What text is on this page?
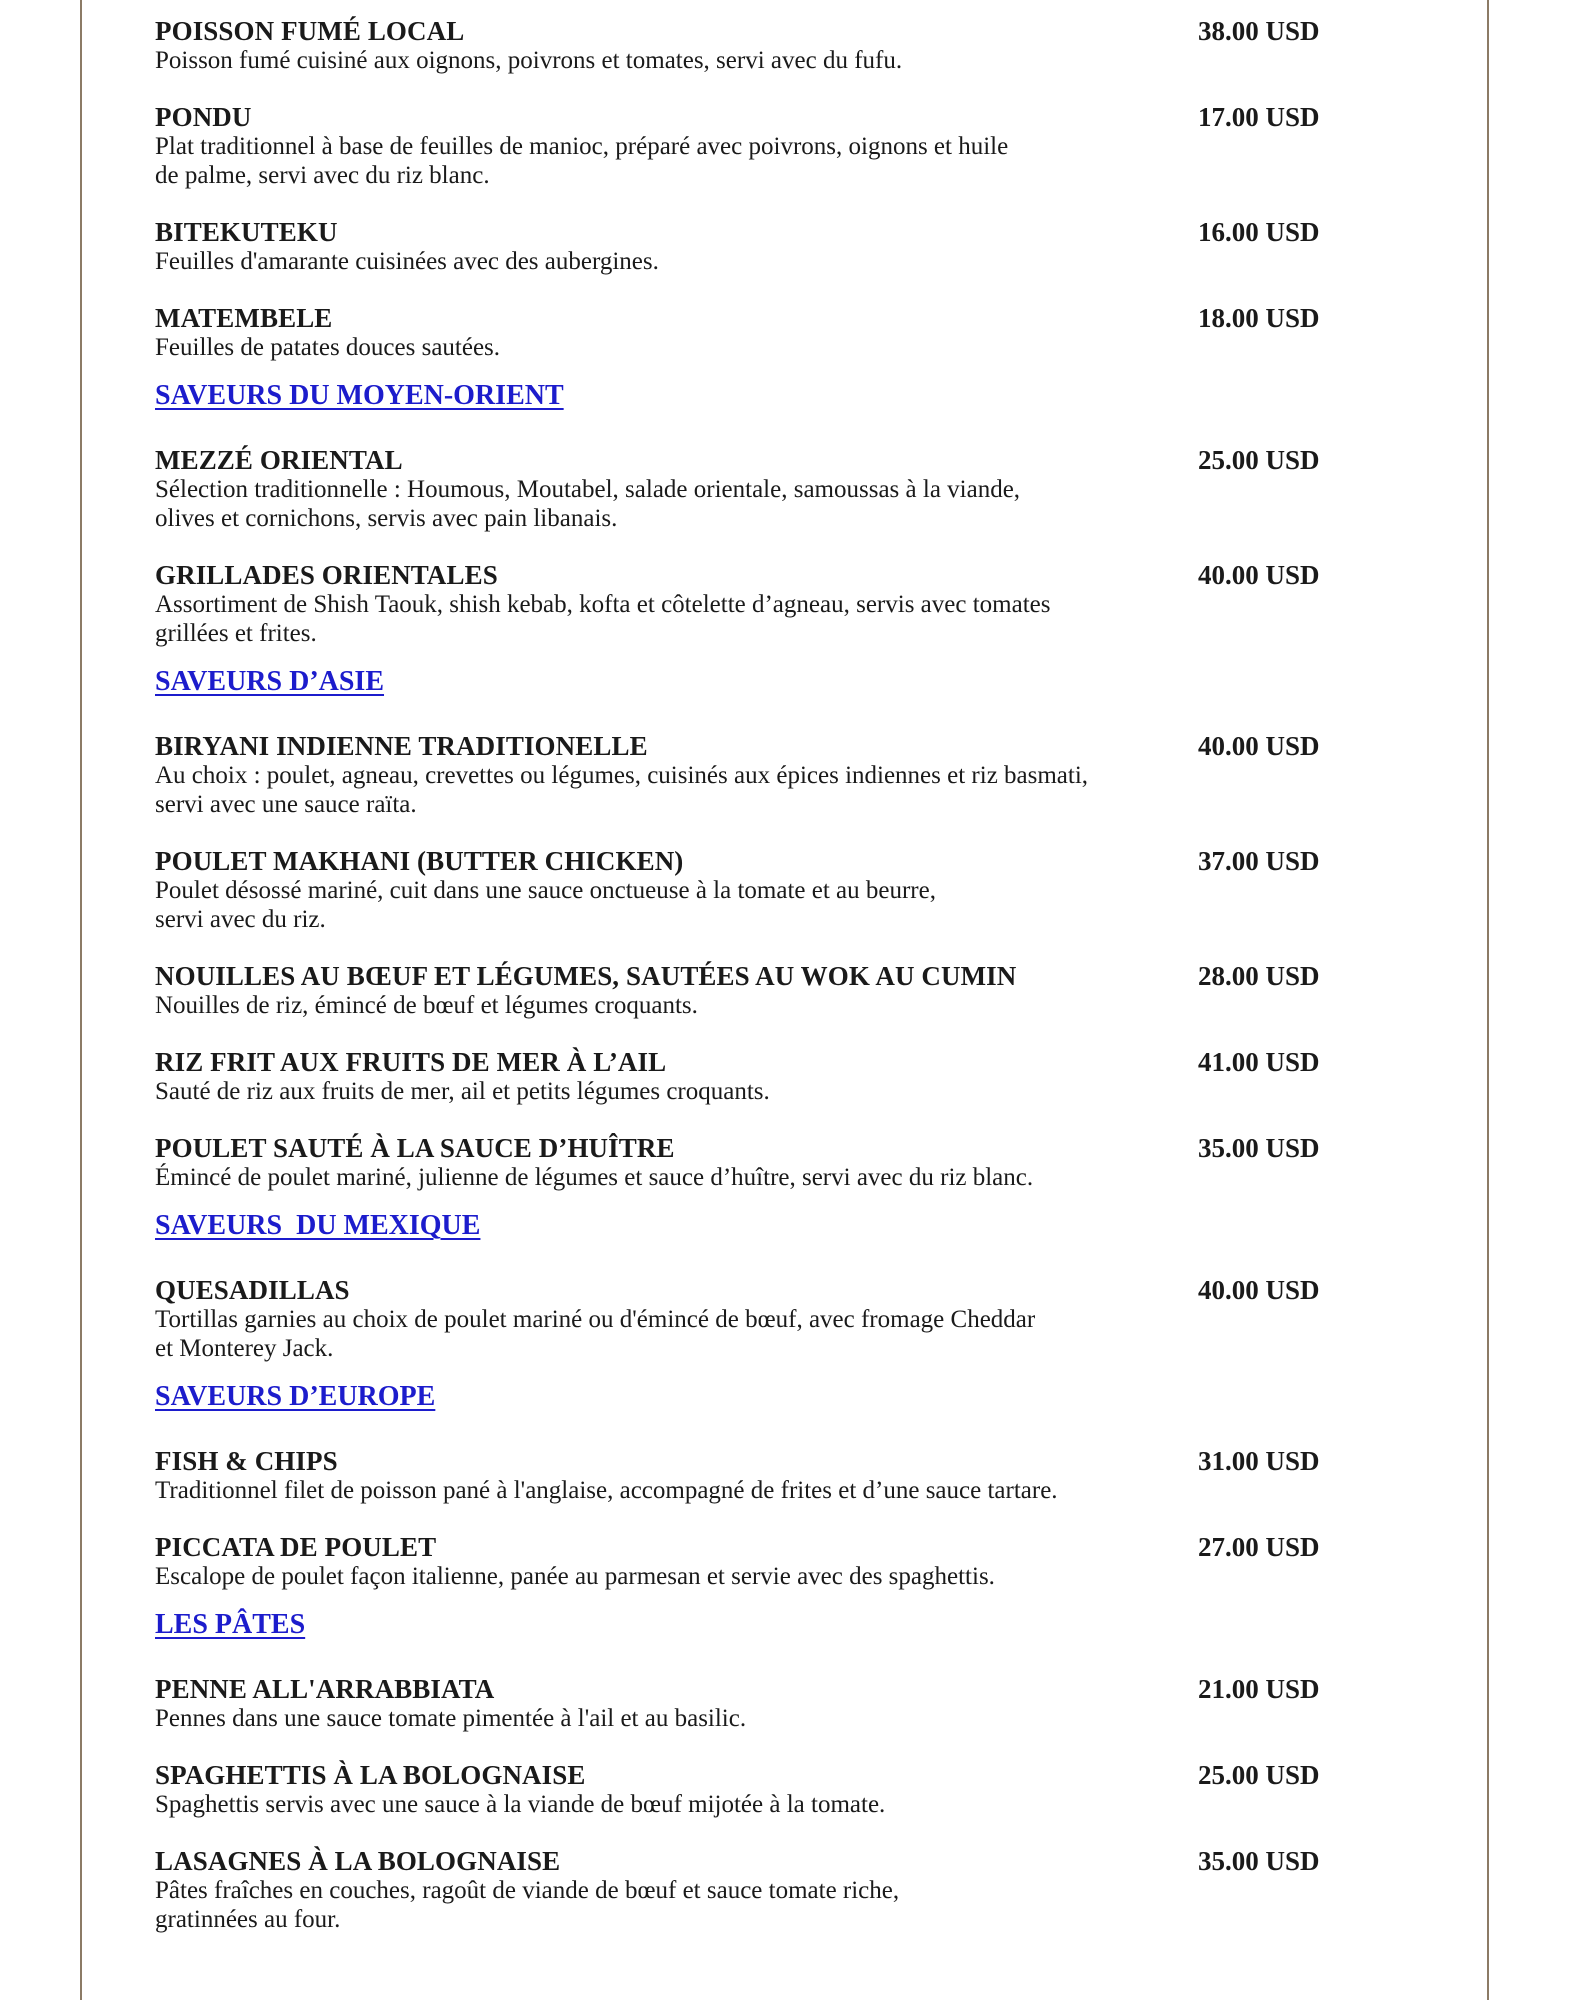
POISSON FUMÉ LOCAL	38.00 USD
Poisson fumé cuisiné aux oignons, poivrons et tomates, servi avec du fufu.
PONDU	17.00 USD
Plat traditionnel à base de feuilles de manioc, préparé avec poivrons, oignons et huile
de palme, servi avec du riz blanc.
BITEKUTEKU	16.00 USD
Feuilles d'amarante cuisinées avec des aubergines.
MATEMBELE	18.00 USD
Feuilles de patates douces sautées.
SAVEURS DU MOYEN-ORIENT
MEZZÉ ORIENTAL	25.00 USD
Sélection traditionnelle : Houmous, Moutabel, salade orientale, samoussas à la viande,
olives et cornichons, servis avec pain libanais.
GRILLADES ORIENTALES	40.00 USD
Assortiment de Shish Taouk, shish kebab, kofta et côtelette d’agneau, servis avec tomates
grillées et frites.
SAVEURS D’ASIE
BIRYANI INDIENNE TRADITIONELLE	40.00 USD
Au choix : poulet, agneau, crevettes ou légumes, cuisinés aux épices indiennes et riz basmati,
servi avec une sauce raïta.
POULET MAKHANI (BUTTER CHICKEN)	37.00 USD
Poulet désossé mariné, cuit dans une sauce onctueuse à la tomate et au beurre,
servi avec du riz.
NOUILLES AU BŒUF ET LÉGUMES, SAUTÉES AU WOK AU CUMIN	28.00 USD
Nouilles de riz, émincé de bœuf et légumes croquants.
RIZ FRIT AUX FRUITS DE MER À L’AIL	41.00 USD
Sauté de riz aux fruits de mer, ail et petits légumes croquants.
POULET SAUTÉ À LA SAUCE D’HUÎTRE	35.00 USD
Émincé de poulet mariné, julienne de légumes et sauce d’huître, servi avec du riz blanc.
SAVEURS  DU MEXIQUE
QUESADILLAS	40.00 USD
Tortillas garnies au choix de poulet mariné ou d'émincé de bœuf, avec fromage Cheddar
et Monterey Jack.
SAVEURS D’EUROPE
FISH & CHIPS	31.00 USD
Traditionnel filet de poisson pané à l'anglaise, accompagné de frites et d’une sauce tartare.
PICCATA DE POULET	27.00 USD
Escalope de poulet façon italienne, panée au parmesan et servie avec des spaghettis.
LES PÂTES
PENNE ALL'ARRABBIATA	21.00 USD
Pennes dans une sauce tomate pimentée à l'ail et au basilic.
SPAGHETTIS À LA BOLOGNAISE	25.00 USD
Spaghettis servis avec une sauce à la viande de bœuf mijotée à la tomate.
LASAGNES À LA BOLOGNAISE	35.00 USD
Pâtes fraîches en couches, ragoût de viande de bœuf et sauce tomate riche,
gratinnées au four.
